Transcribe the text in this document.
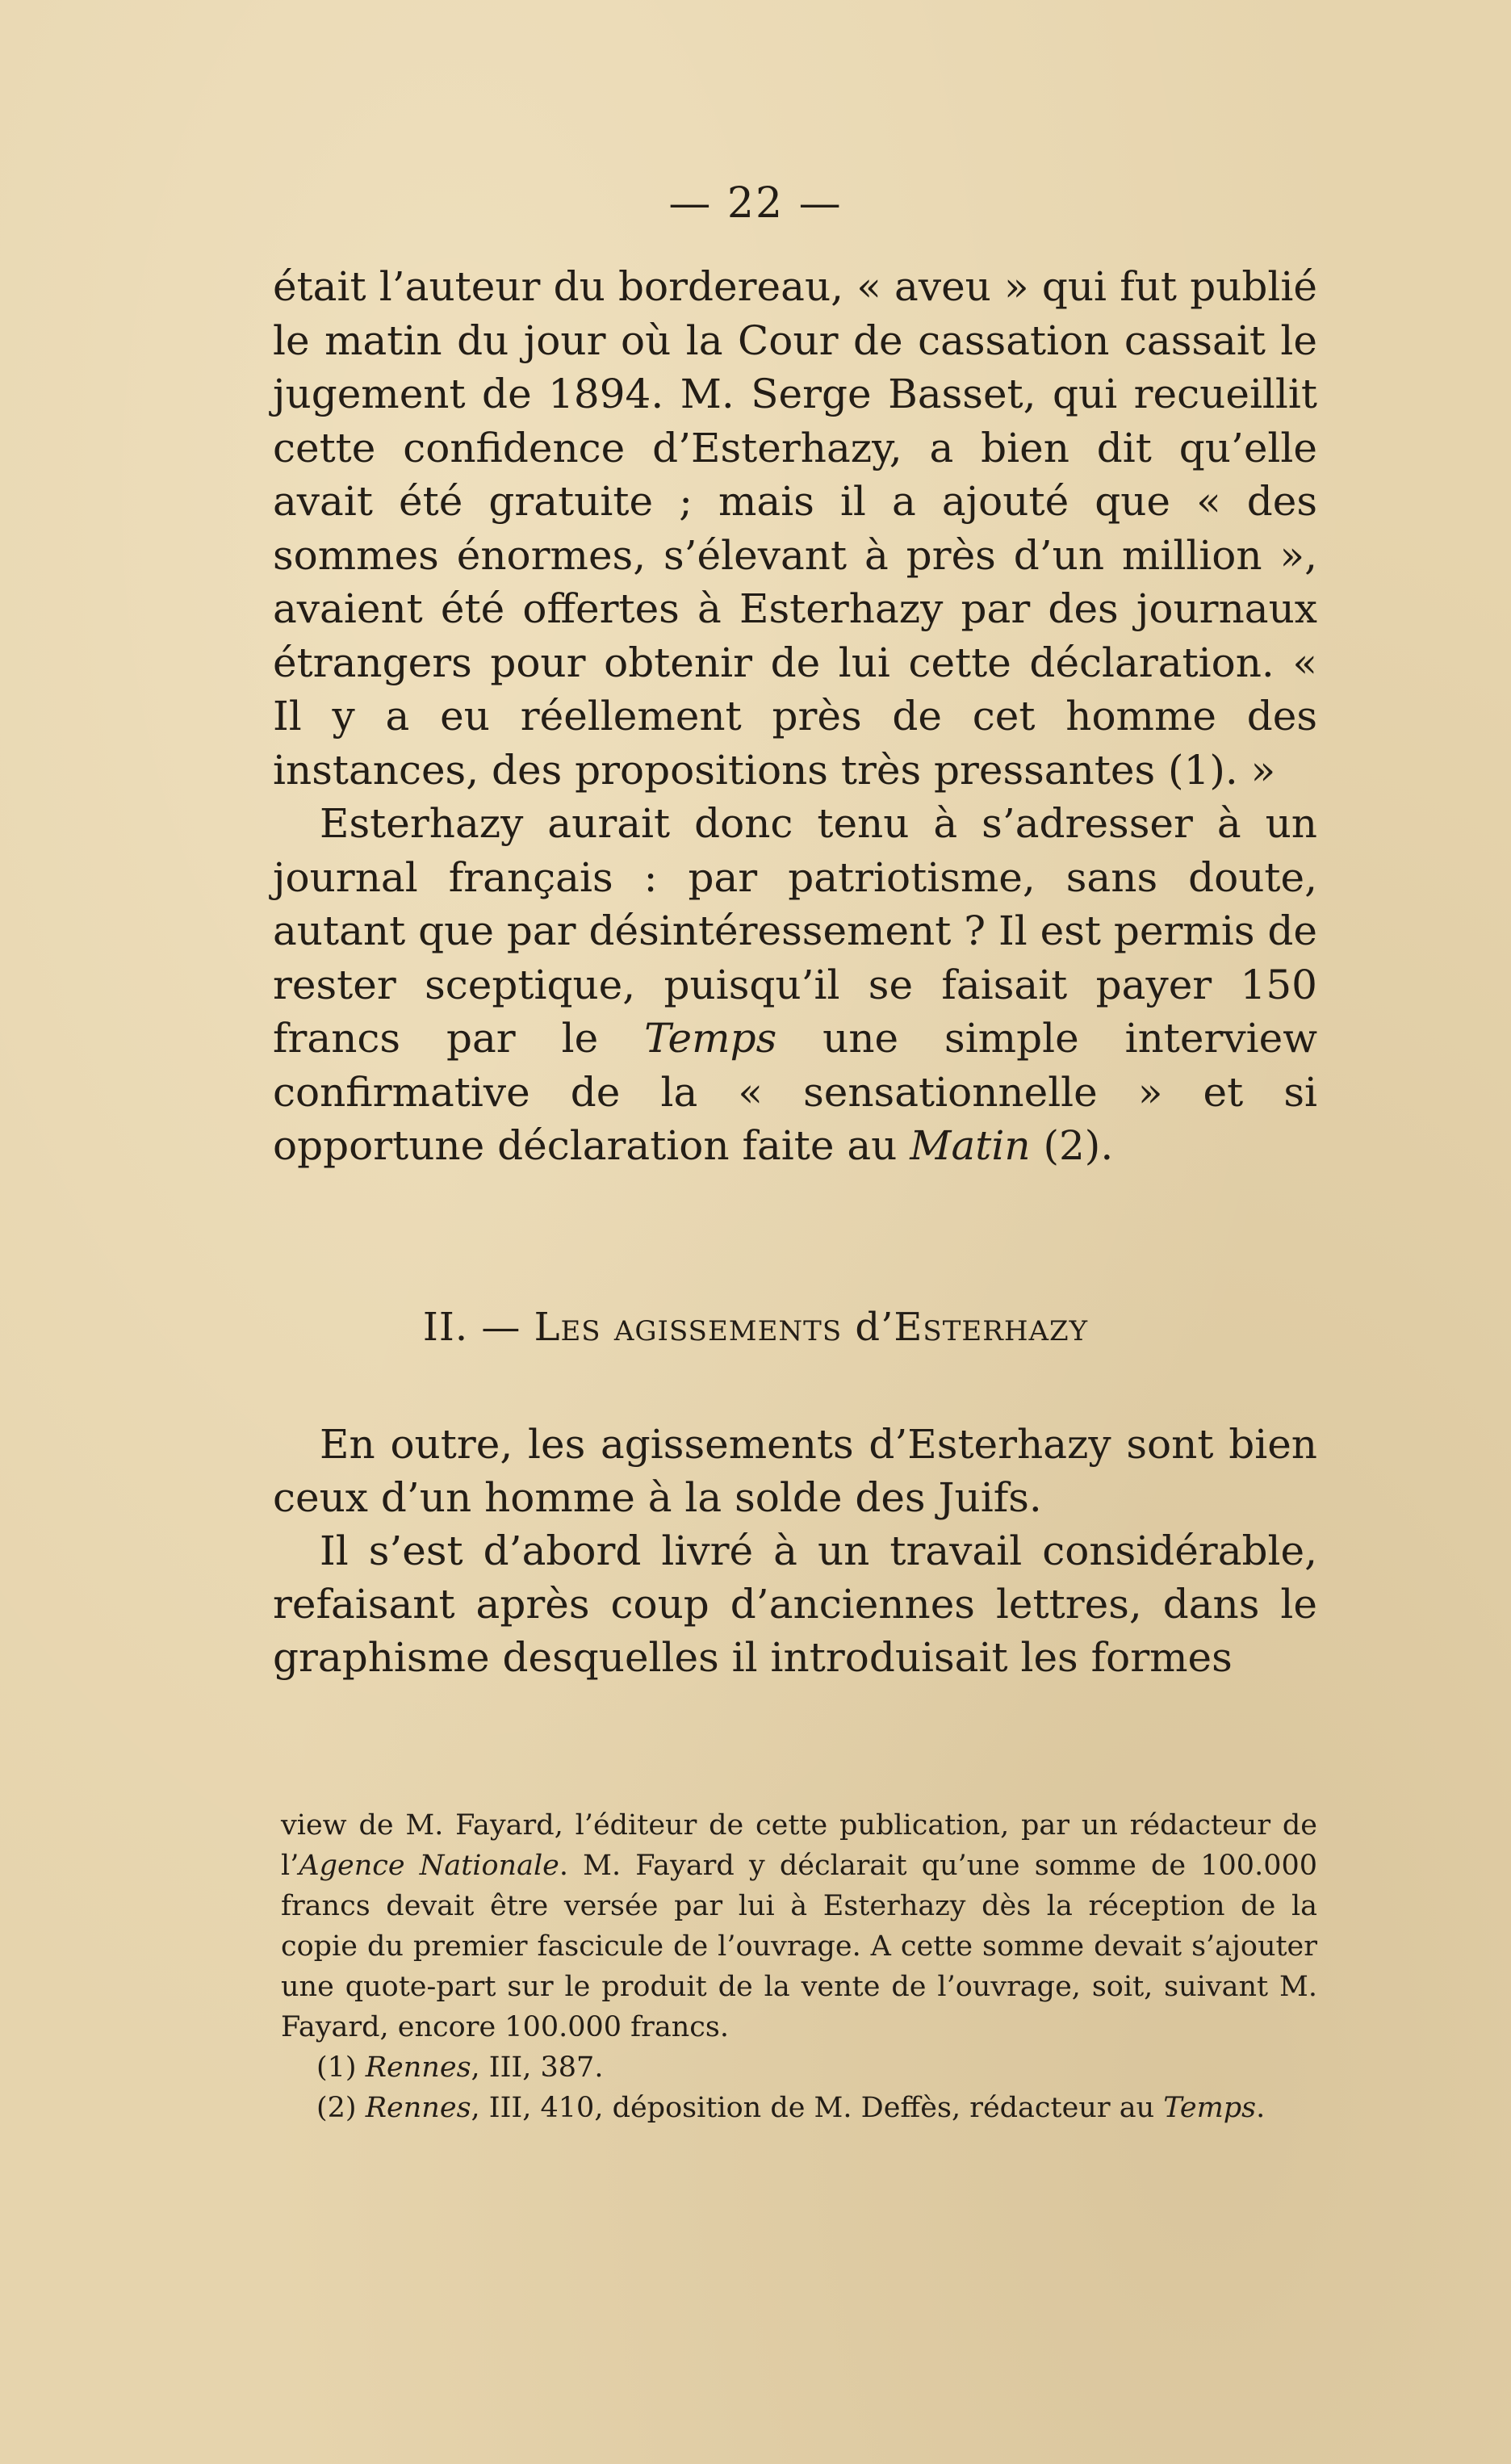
— 22 —

était l’auteur du bordereau, « aveu » qui fut publié le matin du jour où la Cour de cassation cassait le jugement de 1894. M. Serge Basset, qui recueillit cette confidence d’Esterhazy, a bien dit qu’elle avait été gratuite ; mais il a ajouté que « des sommes énormes, s’élevant à près d’un million », avaient été offertes à Esterhazy par des journaux étrangers pour obtenir de lui cette déclaration. « Il y a eu réellement près de cet homme des instances, des propositions très pressantes (1). »

Esterhazy aurait donc tenu à s’adresser à un journal français : par patriotisme, sans doute, autant que par désintéressement ? Il est permis de rester sceptique, puisqu’il se faisait payer 150 francs par le Temps une simple interview confirmative de la « sensationnelle » et si opportune déclaration faite au Matin (2).

II. — Les agissements d’Esterhazy

En outre, les agissements d’Esterhazy sont bien ceux d’un homme à la solde des Juifs.

Il s’est d’abord livré à un travail considérable, refaisant après coup d’anciennes lettres, dans le graphisme desquelles il introduisait les formes

view de M. Fayard, l’éditeur de cette publication, par un rédacteur de l’Agence Nationale. M. Fayard y déclarait qu’une somme de 100.000 francs devait être versée par lui à Esterhazy dès la réception de la copie du premier fascicule de l’ouvrage. A cette somme devait s’ajouter une quote-part sur le produit de la vente de l’ouvrage, soit, suivant M. Fayard, encore 100.000 francs.

(1) Rennes, III, 387.

(2) Rennes, III, 410, déposition de M. Deffès, rédacteur au Temps.
